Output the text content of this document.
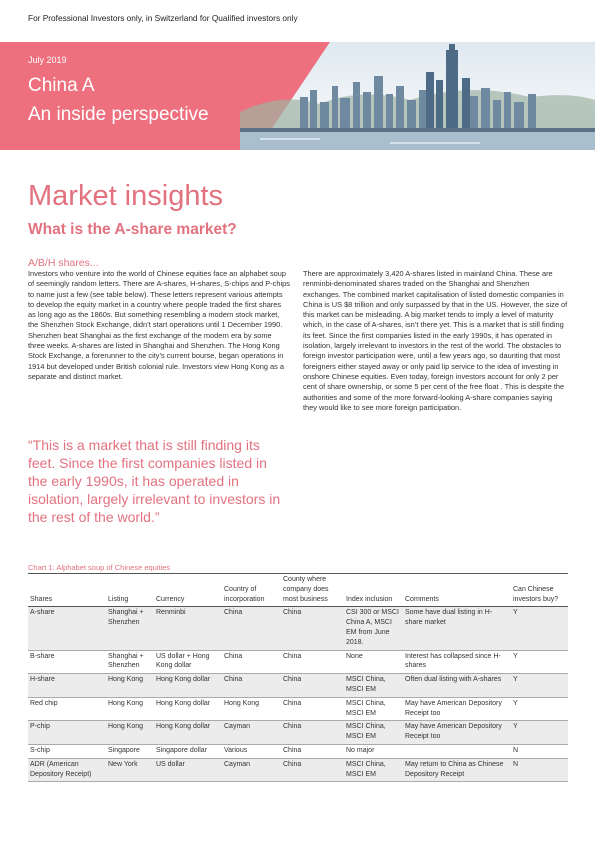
For Professional Investors only, in Switzerland for Qualified investors only
July 2019
China A
An inside perspective
Market insights
What is the A-share market?
A/B/H shares...
Investors who venture into the world of Chinese equities face an alphabet soup of seemingly random letters. There are A-shares, H-shares, S-chips and P-chips to name just a few (see table below). These letters represent various attempts to develop the equity market in a country where people traded the first shares as long ago as the 1860s. But something resembling a modern stock market, the Shenzhen Stock Exchange, didn’t start operations until 1 December 1990. Shenzhen beat Shanghai as the first exchange of the modern era by some three weeks. A-shares are listed in Shanghai and Shenzhen. The Hong Kong Stock Exchange, a forerunner to the city’s current bourse, began operations in 1914 but developed under British colonial rule. Investors view Hong Kong as a separate and distinct market.
There are approximately 3,420 A-shares listed in mainland China. These are renminbi-denominated shares traded on the Shanghai and Shenzhen exchanges. The combined market capitalisation of listed domestic companies in China is US $8 trillion and only surpassed by that in the US. However, the size of this market can be misleading. A big market tends to imply a level of maturity which, in the case of A-shares, isn’t there yet. This is a market that is still finding its feet. Since the first companies listed in the early 1990s, it has operated in isolation, largely irrelevant to investors in the rest of the world. The obstacles to foreign investor participation were, until a few years ago, so daunting that most foreigners either stayed away or only paid lip service to the idea of investing in onshore Chinese equities. Even today, foreign investors account for only 2 per cent of share ownership, or some 5 per cent of the free float . This is despite the authorities and some of the more forward-looking A-share companies saying they would like to see more foreign participation.
“This is a market that is still finding its feet. Since the first companies listed in the early 1990s, it has operated in isolation, largely irrelevant to investors in the rest of the world.”
Chart 1: Alphabet soup of Chinese equities
Shares	Listing	Currency	Country of incorporation	County where company does most business	Index inclusion	Comments	Can Chinese investors buy?
A-share	Shanghai + Shenzhen	Renminbi	China	China	CSI 300 or MSCI China A, MSCI EM from June 2018.	Some have dual listing in H-share market	Y
B-share	Shanghai + Shenzhen	US dollar + Hong Kong dollar	China	China	None	Interest has collapsed since H-shares	Y
H-share	Hong Kong	Hong Kong dollar	China	China	MSCI China, MSCI EM	Often dual listing with A-shares	Y
Red chip	Hong Kong	Hong Kong dollar	Hong Kong	China	MSCI China, MSCI EM	May have American Depository Receipt too	Y
P-chip	Hong Kong	Hong Kong dollar	Cayman	China	MSCI China, MSCI EM	May have American Depository Receipt too	Y
S-chip	Singapore	Singapore dollar	Various	China	No major		N
ADR (American Depository Receipt)	New York	US dollar	Cayman	China	MSCI China, MSCI EM	May return to China as Chinese Depository Receipt	N
